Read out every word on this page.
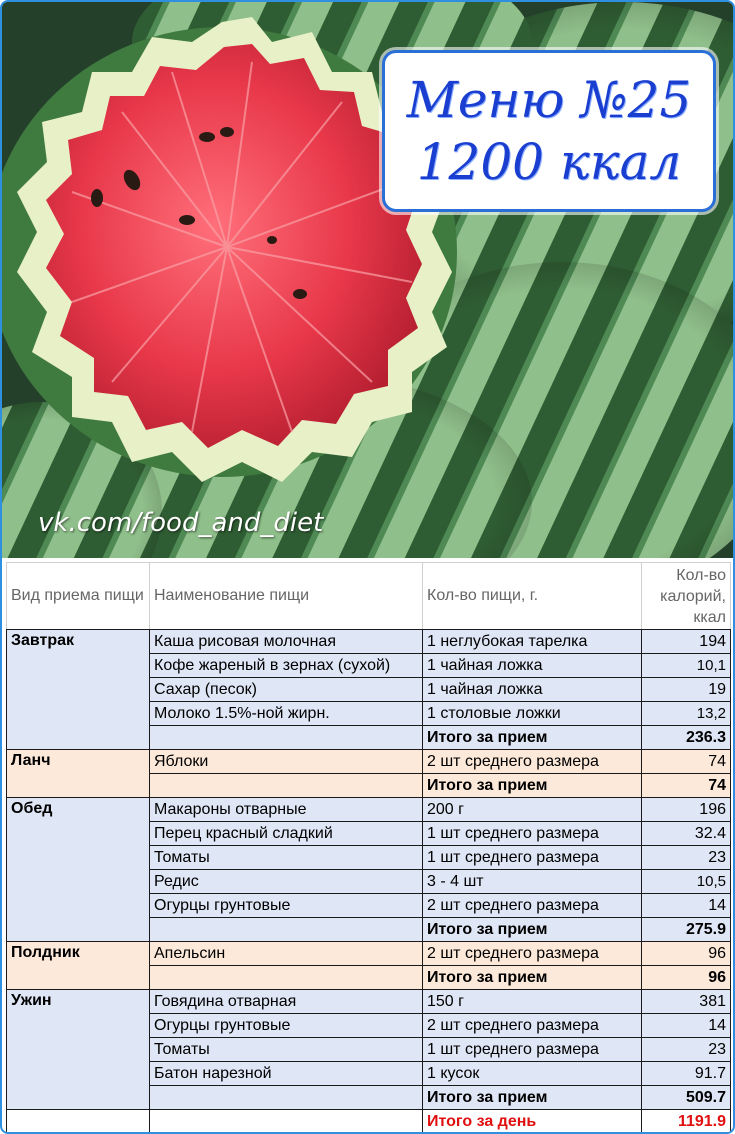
Меню №25
1200 ккал
vk.com/food_and_diet
Вид приема пищи	Наименование пищи	Кол-во пищи, г.	Кол-во калорий, ккал
Завтрак	Каша рисовая молочная	1 неглубокая тарелка	194
	Кофе жареный в зернах (сухой)	1 чайная ложка	10,1
	Сахар (песок)	1 чайная ложка	19
	Молоко 1.5%-ной жирн.	1 столовые ложки	13,2
		Итого за прием	236.3
Ланч	Яблоки	2 шт среднего размера	74
		Итого за прием	74
Обед	Макароны отварные	200 г	196
	Перец красный сладкий	1 шт среднего размера	32.4
	Томаты	1 шт среднего размера	23
	Редис	3 - 4 шт	10,5
	Огурцы грунтовые	2 шт среднего размера	14
		Итого за прием	275.9
Полдник	Апельсин	2 шт среднего размера	96
		Итого за прием	96
Ужин	Говядина отварная	150 г	381
	Огурцы грунтовые	2 шт среднего размера	14
	Томаты	1 шт среднего размера	23
	Батон нарезной	1 кусок	91.7
		Итого за прием	509.7
		Итого за день	1191.9
